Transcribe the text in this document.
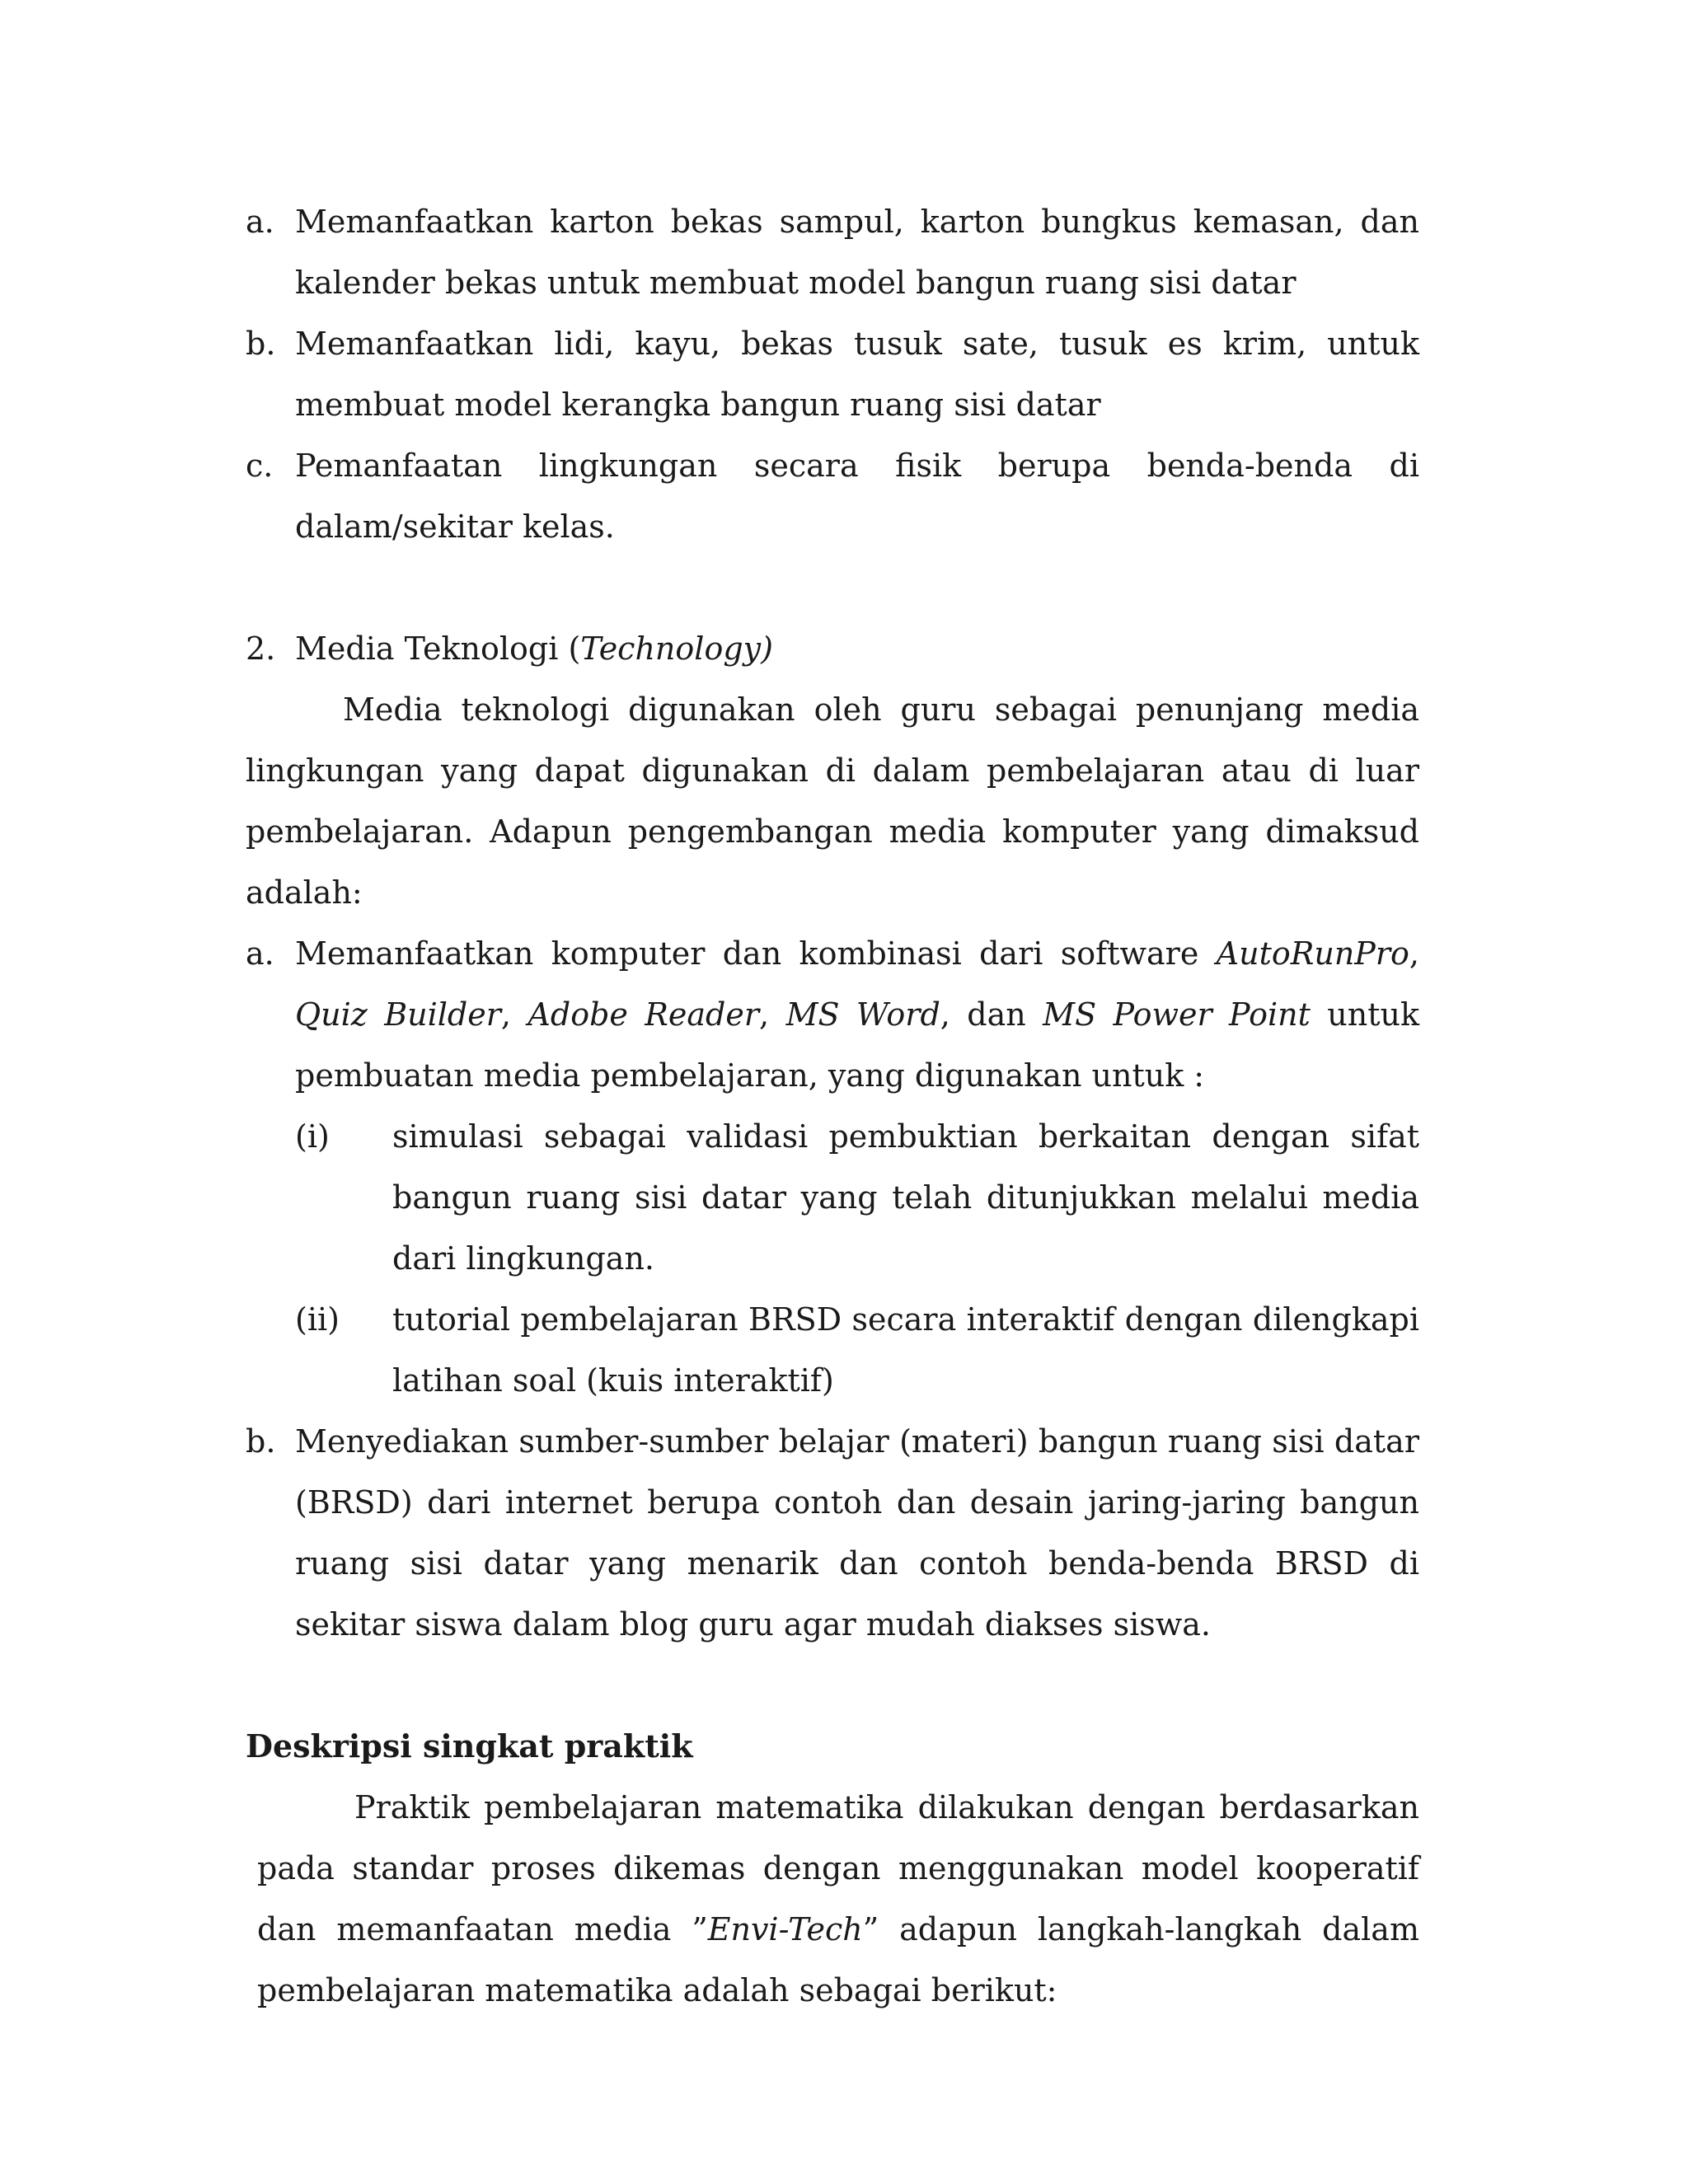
a. Memanfaatkan karton bekas sampul, karton bungkus kemasan, dan kalender bekas untuk membuat model bangun ruang sisi datar
b. Memanfaatkan lidi, kayu, bekas tusuk sate, tusuk es krim, untuk membuat model kerangka bangun ruang sisi datar
c. Pemanfaatan lingkungan secara fisik berupa benda-benda di dalam/sekitar kelas.
2. Media Teknologi (Technology)
Media teknologi digunakan oleh guru sebagai penunjang media lingkungan yang dapat digunakan di dalam pembelajaran atau di luar pembelajaran. Adapun pengembangan media komputer yang dimaksud adalah:
a. Memanfaatkan komputer dan kombinasi dari software AutoRunPro, Quiz Builder, Adobe Reader, MS Word, dan MS Power Point untuk pembuatan media pembelajaran, yang digunakan untuk :
(i) simulasi sebagai validasi pembuktian berkaitan dengan sifat bangun ruang sisi datar yang telah ditunjukkan melalui media dari lingkungan.
(ii) tutorial pembelajaran BRSD secara interaktif dengan dilengkapi latihan soal (kuis interaktif)
b. Menyediakan sumber-sumber belajar (materi) bangun ruang sisi datar (BRSD) dari internet berupa contoh dan desain jaring-jaring bangun ruang sisi datar yang menarik dan contoh benda-benda BRSD di sekitar siswa dalam blog guru agar mudah diakses siswa.
Deskripsi singkat praktik
Praktik pembelajaran matematika dilakukan dengan berdasarkan pada standar proses dikemas dengan menggunakan model kooperatif dan memanfaatan media ”Envi-Tech” adapun langkah-langkah dalam pembelajaran matematika adalah sebagai berikut:
